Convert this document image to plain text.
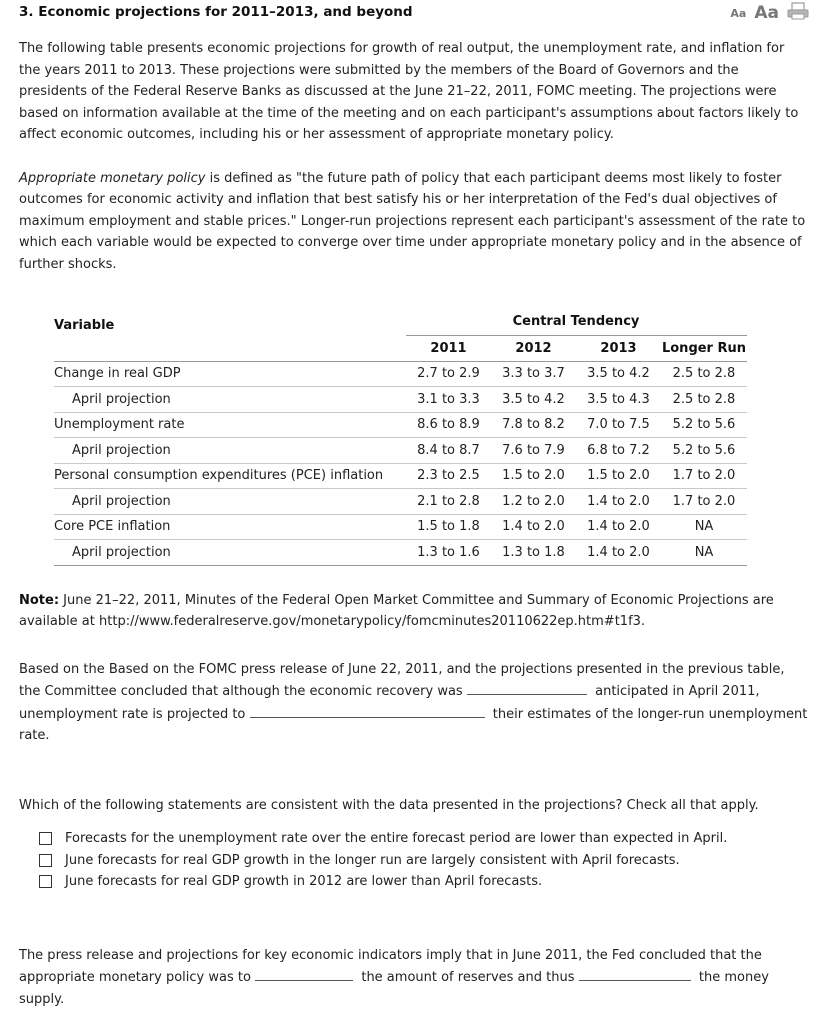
3. Economic projections for 2011–2013, and beyond	Aa Aa

The following table presents economic projections for growth of real output, the unemployment rate, and inflation for the years 2011 to 2013. These projections were submitted by the members of the Board of Governors and the presidents of the Federal Reserve Banks as discussed at the June 21–22, 2011, FOMC meeting. The projections were based on information available at the time of the meeting and on each participant's assumptions about factors likely to affect economic outcomes, including his or her assessment of appropriate monetary policy.

Appropriate monetary policy is defined as "the future path of policy that each participant deems most likely to foster outcomes for economic activity and inflation that best satisfy his or her interpretation of the Fed's dual objectives of maximum employment and stable prices." Longer-run projections represent each participant's assessment of the rate to which each variable would be expected to converge over time under appropriate monetary policy and in the absence of further shocks.

Variable		Central Tendency		
	2011	2012	2013	Longer Run
Change in real GDP	2.7 to 2.9	3.3 to 3.7	3.5 to 4.2	2.5 to 2.8
April projection	3.1 to 3.3	3.5 to 4.2	3.5 to 4.3	2.5 to 2.8
Unemployment rate	8.6 to 8.9	7.8 to 8.2	7.0 to 7.5	5.2 to 5.6
April projection	8.4 to 8.7	7.6 to 7.9	6.8 to 7.2	5.2 to 5.6
Personal consumption expenditures (PCE) inflation	2.3 to 2.5	1.5 to 2.0	1.5 to 2.0	1.7 to 2.0
April projection	2.1 to 2.8	1.2 to 2.0	1.4 to 2.0	1.7 to 2.0
Core PCE inflation	1.5 to 1.8	1.4 to 2.0	1.4 to 2.0	NA
April projection	1.3 to 1.6	1.3 to 1.8	1.4 to 2.0	NA

Note: June 21–22, 2011, Minutes of the Federal Open Market Committee and Summary of Economic Projections are available at http://www.federalreserve.gov/monetarypolicy/fomcminutes20110622ep.htm#t1f3.

Based on the Based on the FOMC press release of June 22, 2011, and the projections presented in the previous table, the Committee concluded that although the economic recovery was	anticipated in April 2011, unemployment rate is projected to	their estimates of the longer-run unemployment rate.

Which of the following statements are consistent with the data presented in the projections? Check all that apply.

Forecasts for the unemployment rate over the entire forecast period are lower than expected in April.
June forecasts for real GDP growth in the longer run are largely consistent with April forecasts.
June forecasts for real GDP growth in 2012 are lower than April forecasts.

The press release and projections for key economic indicators imply that in June 2011, the Fed concluded that the appropriate monetary policy was to	the amount of reserves and thus	the money supply.
